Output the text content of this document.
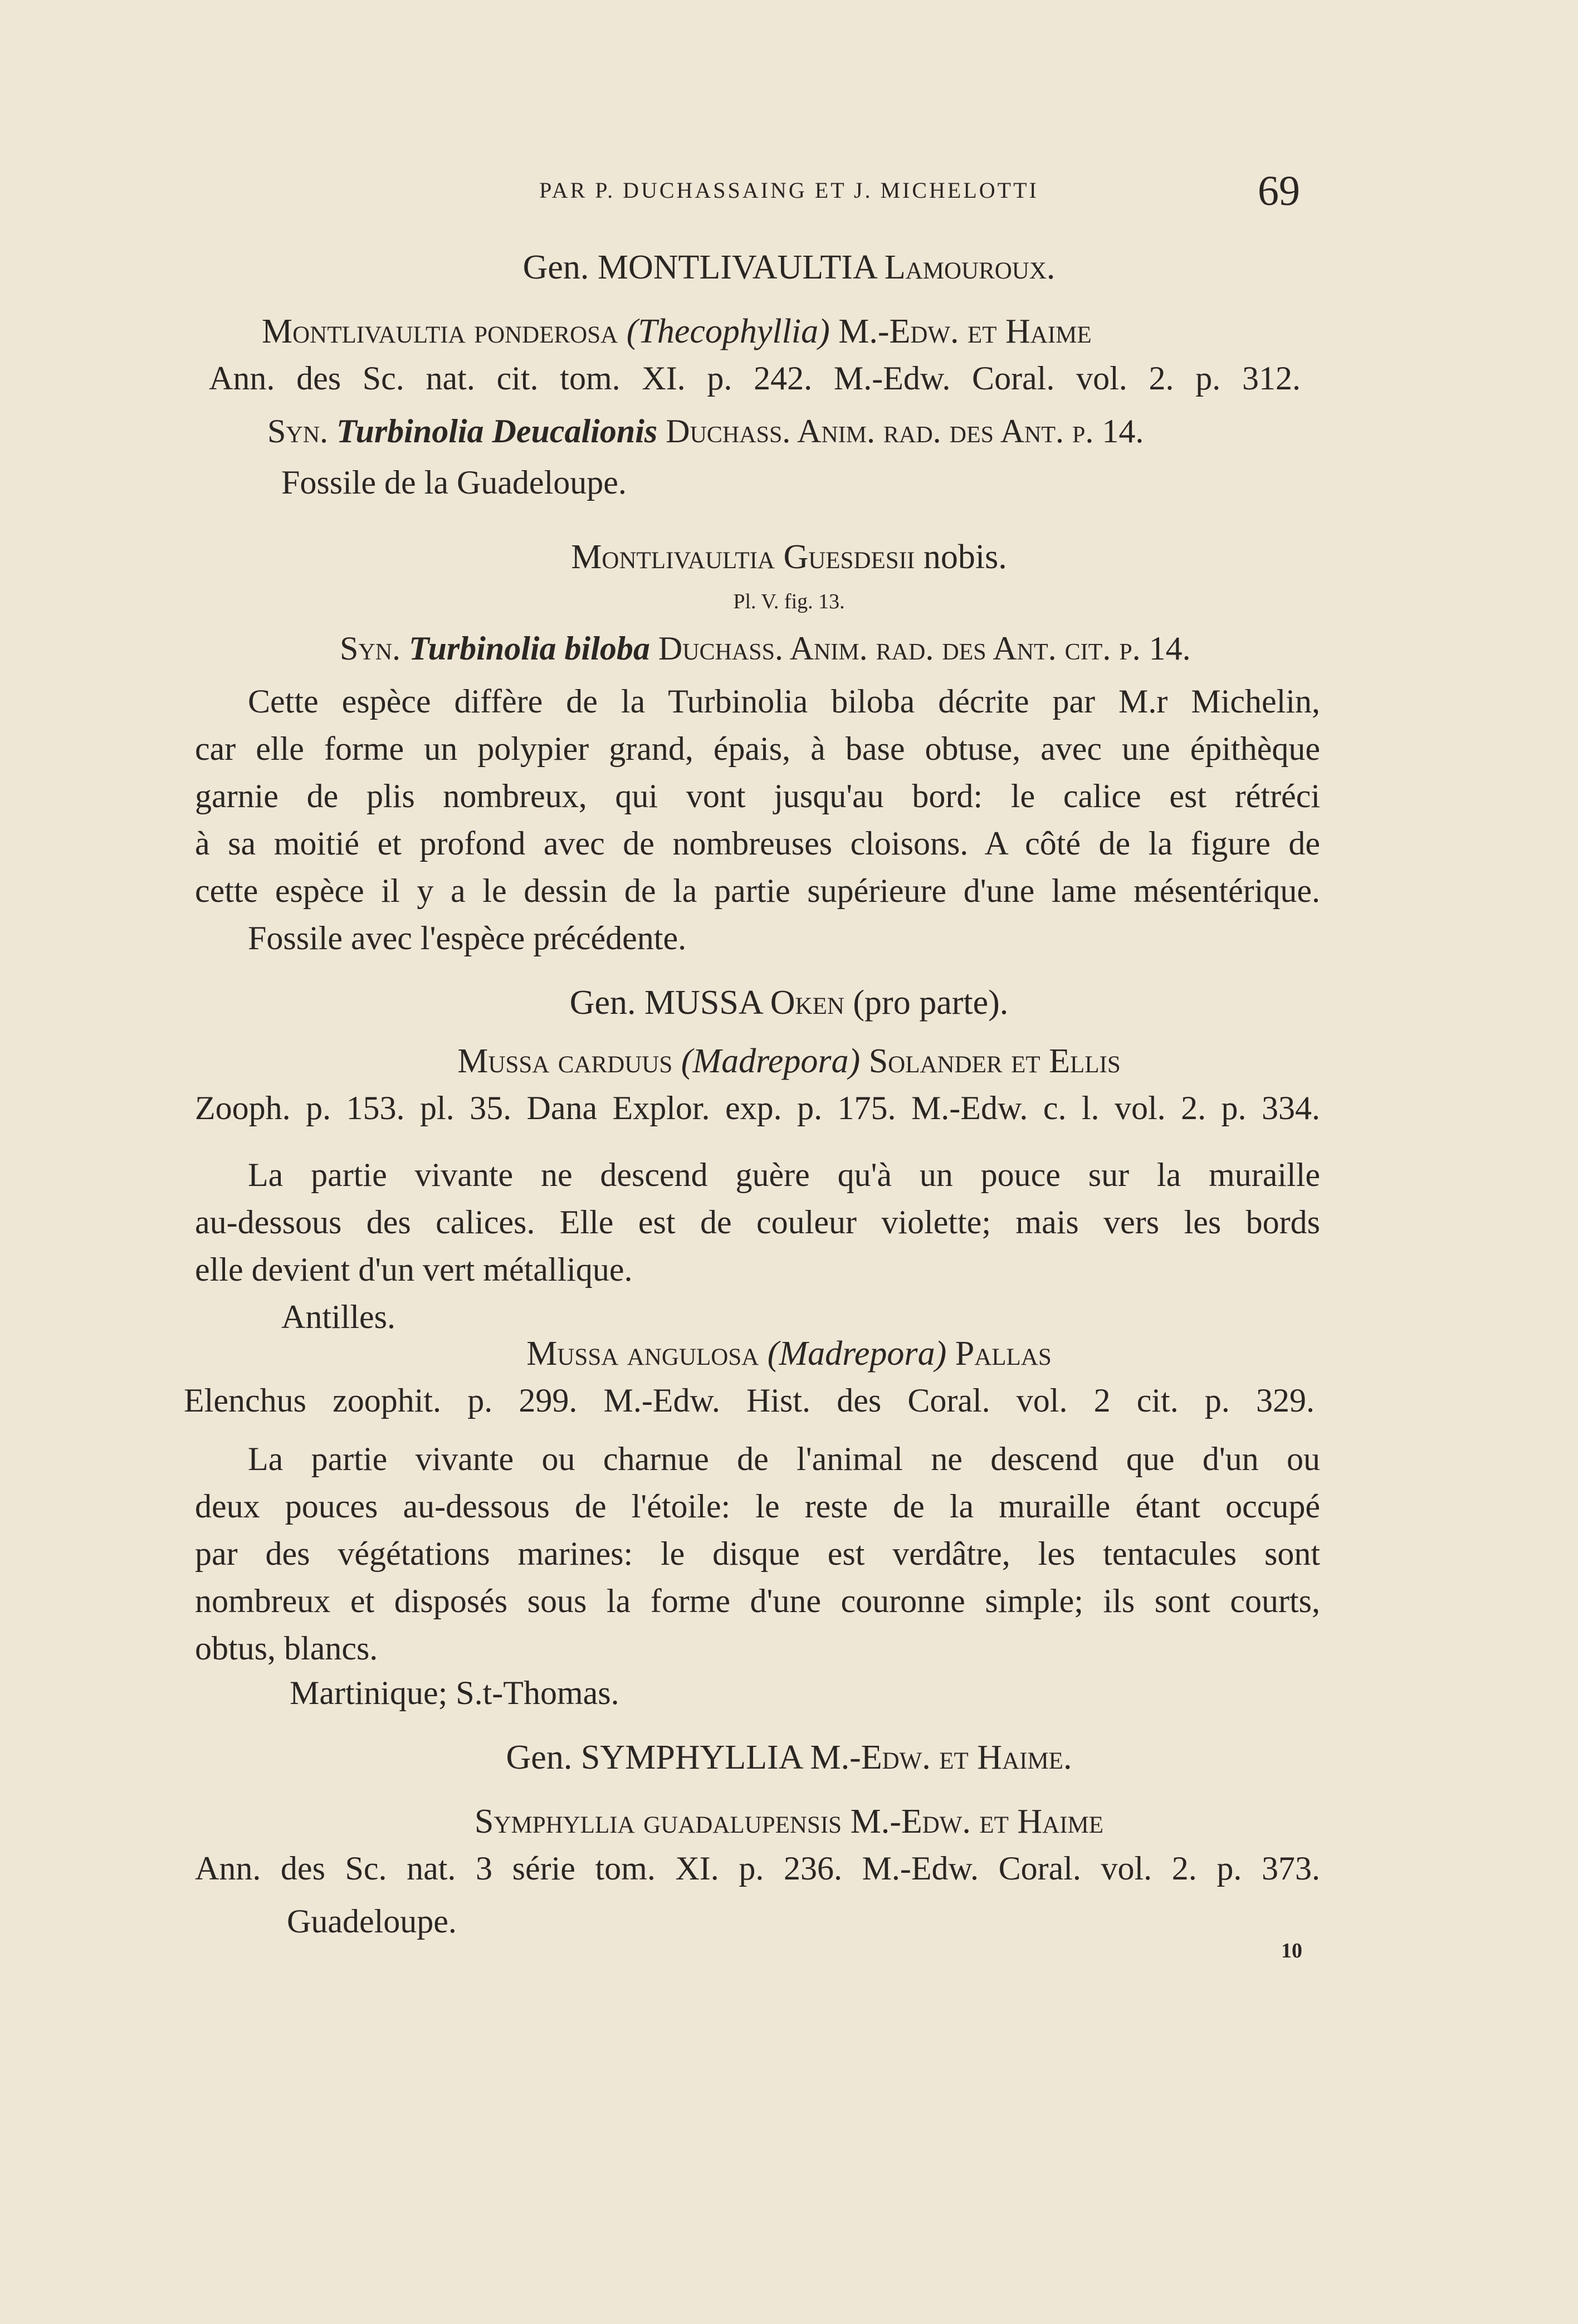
PAR P. DUCHASSAING ET J. MICHELOTTI	69
Gen. MONTLIVAULTIA Lamouroux.
Montlivaultia ponderosa (Thecophyllia) M.-Edw. et Haime
Ann. des Sc. nat. cit. tom. XI. p. 242. M.-Edw. Coral. vol. 2. p. 312.
Syn. Turbinolia Deucalionis Duchass. Anim. rad. des Ant. p. 14.
Fossile de la Guadeloupe.
Montlivaultia Guesdesii nobis.
Pl. V. fig. 13.
Syn. Turbinolia biloba Duchass. Anim. rad. des Ant. cit. p. 14.
Cette espèce diffère de la Turbinolia biloba décrite par M.r Michelin,
car elle forme un polypier grand, épais, à base obtuse, avec une épithèque
garnie de plis nombreux, qui vont jusqu'au bord: le calice est rétréci
à sa moitié et profond avec de nombreuses cloisons. A côté de la figure de
cette espèce il y a le dessin de la partie supérieure d'une lame mésentérique.
Fossile avec l'espèce précédente.
Gen. MUSSA Oken (pro parte).
Mussa carduus (Madrepora) Solander et Ellis
Zooph. p. 153. pl. 35. Dana Explor. exp. p. 175. M.-Edw. c. l. vol. 2. p. 334.
La partie vivante ne descend guère qu'à un pouce sur la muraille
au-dessous des calices. Elle est de couleur violette; mais vers les bords
elle devient d'un vert métallique.
Antilles.
Mussa angulosa (Madrepora) Pallas
Elenchus zoophit. p. 299. M.-Edw. Hist. des Coral. vol. 2 cit. p. 329.
La partie vivante ou charnue de l'animal ne descend que d'un ou
deux pouces au-dessous de l'étoile: le reste de la muraille étant occupé
par des végétations marines: le disque est verdâtre, les tentacules sont
nombreux et disposés sous la forme d'une couronne simple; ils sont courts,
obtus, blancs.
Martinique; S.t-Thomas.
Gen. SYMPHYLLIA M.-Edw. et Haime.
Symphyllia guadalupensis M.-Edw. et Haime
Ann. des Sc. nat. 3 série tom. XI. p. 236. M.-Edw. Coral. vol. 2. p. 373.
Guadeloupe.
10
